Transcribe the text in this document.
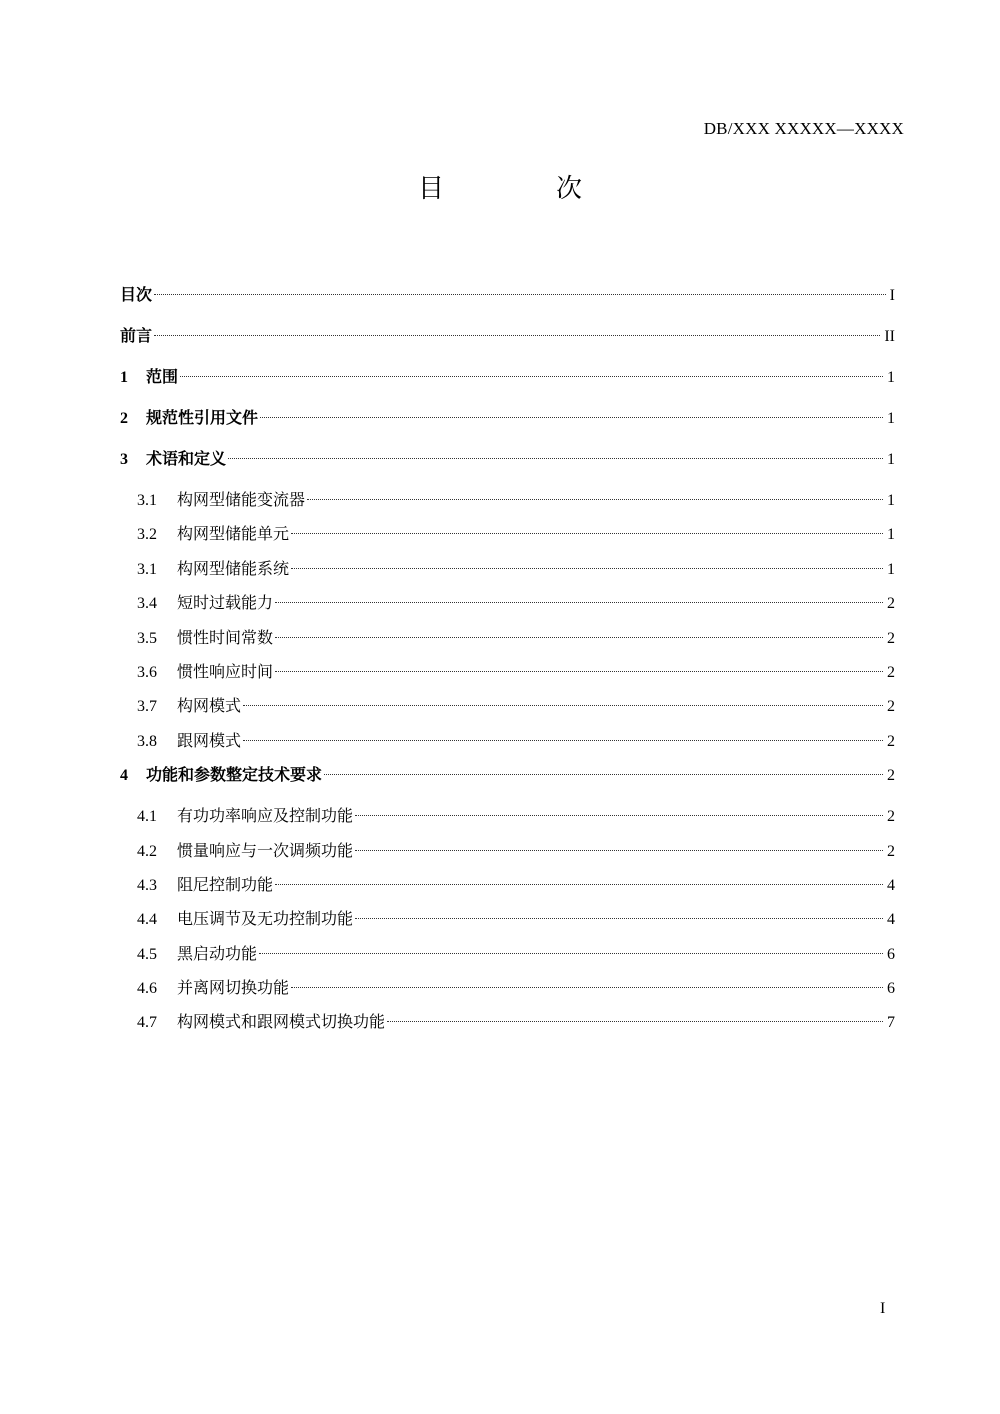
DB/XXX XXXXX—XXXX
目次
目次	I
前言	II
1	范围	1
2	规范性引用文件	1
3	术语和定义	1
3.1	构网型储能变流器	1
3.2	构网型储能单元	1
3.1	构网型储能系统	1
3.4	短时过载能力	2
3.5	惯性时间常数	2
3.6	惯性响应时间	2
3.7	构网模式	2
3.8	跟网模式	2
4	功能和参数整定技术要求	2
4.1	有功功率响应及控制功能	2
4.2	惯量响应与一次调频功能	2
4.3	阻尼控制功能	4
4.4	电压调节及无功控制功能	4
4.5	黑启动功能	6
4.6	并离网切换功能	6
4.7	构网模式和跟网模式切换功能	7
I
